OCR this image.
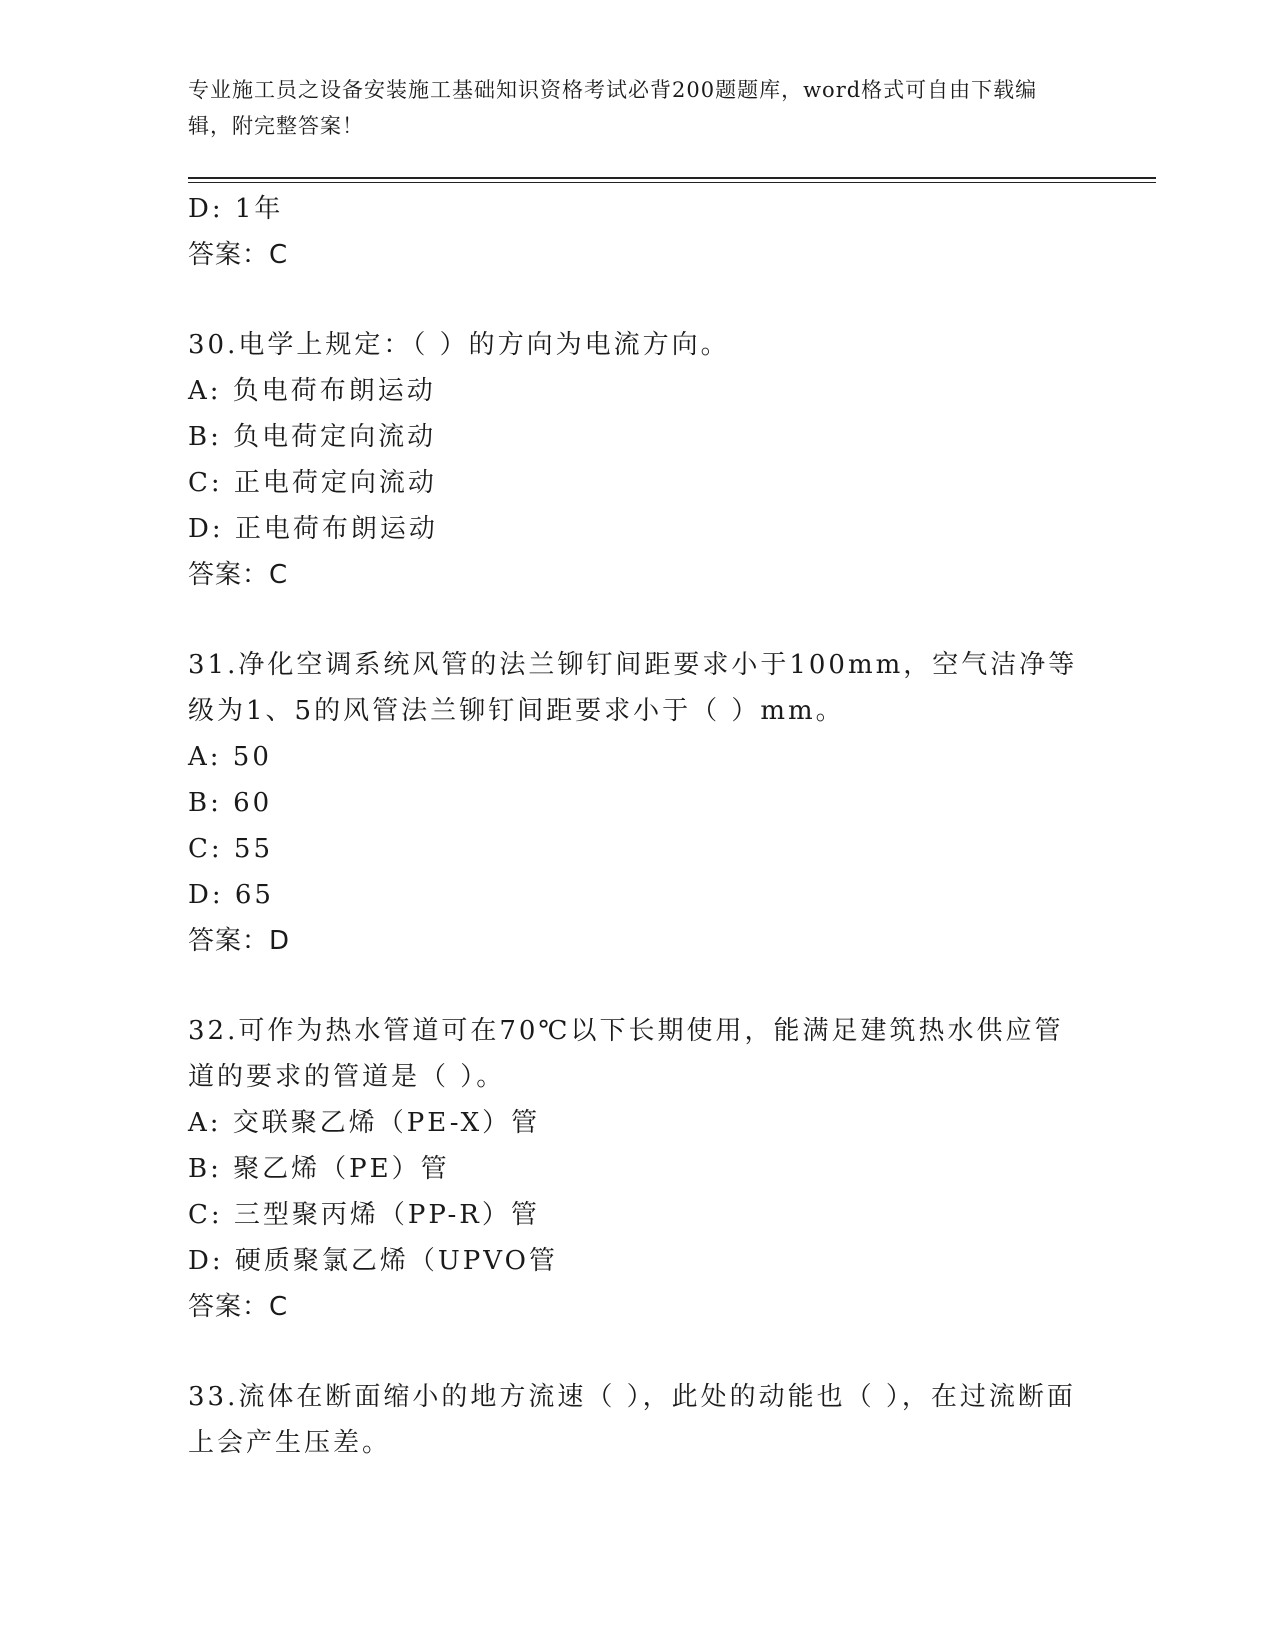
专业施工员之设备安装施工基础知识资格考试必背200题题库，word格式可自由下载编辑，附完整答案！
D: 1年
答案：C
30.电学上规定：（ ）的方向为电流方向。
A: 负电荷布朗运动
B: 负电荷定向流动
C: 正电荷定向流动
D: 正电荷布朗运动
答案：C
31.净化空调系统风管的法兰铆钉间距要求小于100mm，空气洁净等级为1、5的风管法兰铆钉间距要求小于（ ）mm。
A: 50
B: 60
C: 55
D: 65
答案：D
32.可作为热水管道可在70℃以下长期使用，能满足建筑热水供应管道的要求的管道是（ ）。
A: 交联聚乙烯（PE-X）管
B: 聚乙烯（PE）管
C: 三型聚丙烯（PP-R）管
D: 硬质聚氯乙烯（UPVO管
答案：C
33.流体在断面缩小的地方流速（ ），此处的动能也（ ），在过流断面上会产生压差。
